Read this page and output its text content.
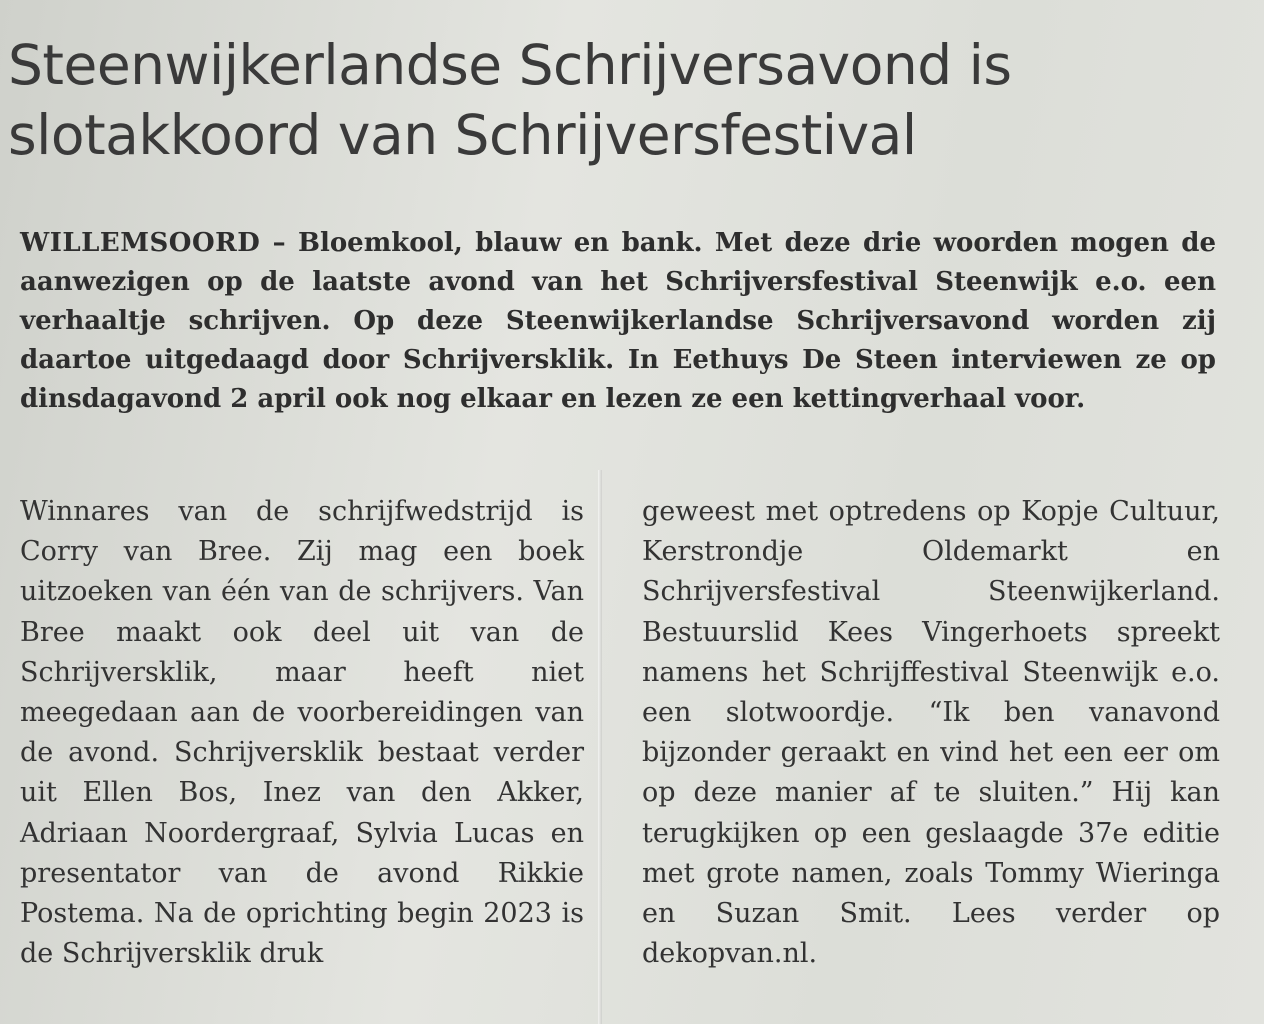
Steenwijkerlandse Schrijversavond is slotakkoord van Schrijversfestival

WILLEMSOORD – Bloemkool, blauw en bank. Met deze drie woorden mogen de aanwezigen op de laatste avond van het Schrijversfestival Steenwijk e.o. een verhaaltje schrijven. Op deze Steenwijkerlandse Schrijversavond worden zij daartoe uitgedaagd door Schrijversklik. In Eethuys De Steen interviewen ze op dinsdagavond 2 april ook nog elkaar en lezen ze een kettingverhaal voor.

Winnares van de schrijfwedstrijd is Corry van Bree. Zij mag een boek uitzoeken van één van de schrijvers. Van Bree maakt ook deel uit van de Schrijversklik, maar heeft niet meegedaan aan de voorbereidingen van de avond. Schrijversklik bestaat verder uit Ellen Bos, Inez van den Akker, Adriaan Noordergraaf, Sylvia Lucas en presentator van de avond Rikkie Postema. Na de oprichting begin 2023 is de Schrijversklik druk

geweest met optredens op Kopje Cultuur, Kerstrondje Oldemarkt en Schrijversfestival Steenwijkerland. Bestuurslid Kees Vingerhoets spreekt namens het Schrijffestival Steenwijk e.o. een slotwoordje. “Ik ben vanavond bijzonder geraakt en vind het een eer om op deze manier af te sluiten.” Hij kan terugkijken op een geslaagde 37e editie met grote namen, zoals Tommy Wieringa en Suzan Smit. Lees verder op dekopvan.nl.
